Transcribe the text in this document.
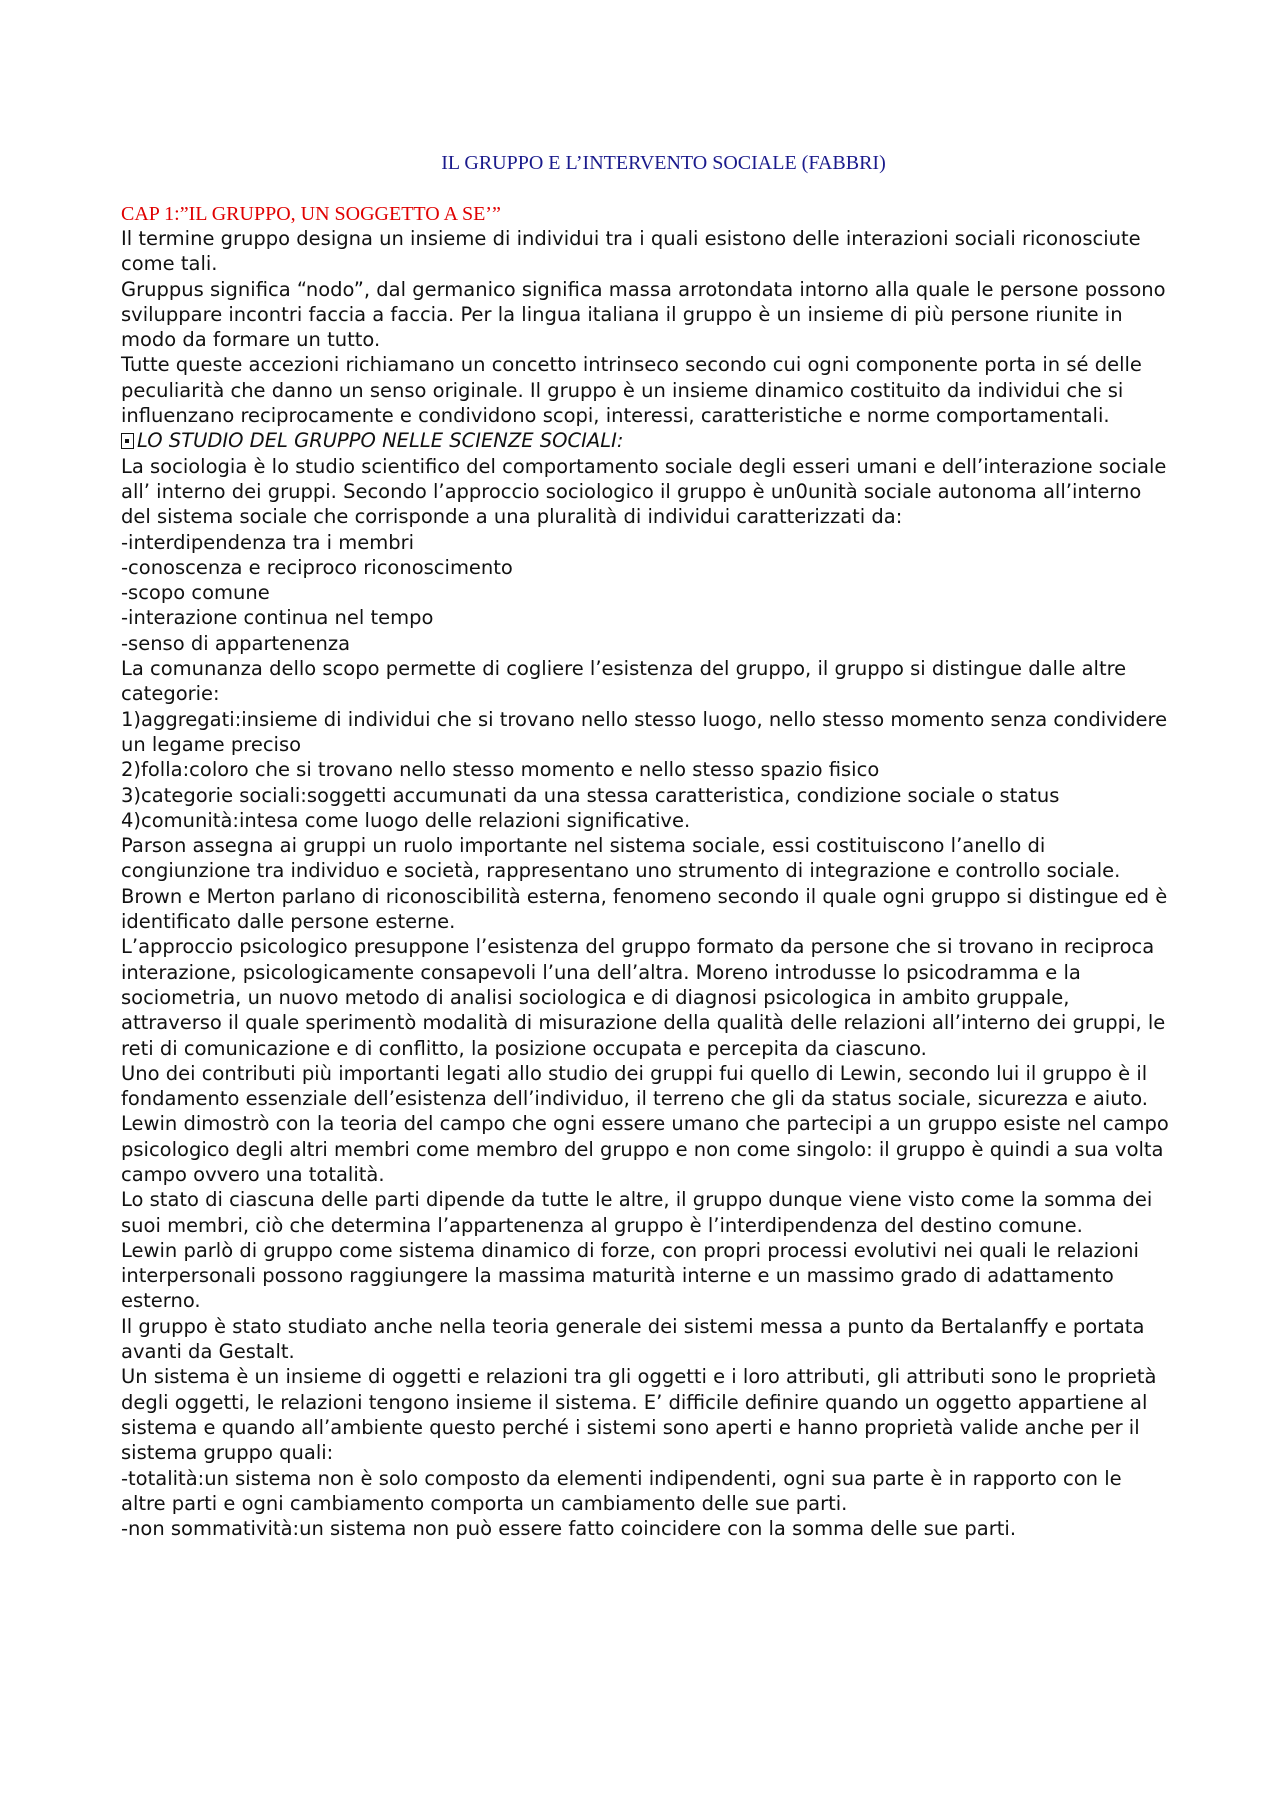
IL GRUPPO E L’INTERVENTO SOCIALE (FABBRI)
CAP 1:”IL GRUPPO, UN SOGGETTO A SE’”

Il termine gruppo designa un insieme di individui tra i quali esistono delle interazioni sociali riconosciute come tali.

Gruppus significa “nodo”, dal germanico significa massa arrotondata intorno alla quale le persone possono sviluppare incontri faccia a faccia. Per la lingua italiana il gruppo è un insieme di più persone riunite in modo da formare un tutto.

Tutte queste accezioni richiamano un concetto intrinseco secondo cui ogni componente porta in sé delle peculiarità che danno un senso originale. Il gruppo è un insieme dinamico costituito da individui che si influenzano reciprocamente e condividono scopi, interessi, caratteristiche e norme comportamentali.

LO STUDIO DEL GRUPPO NELLE SCIENZE SOCIALI:

La sociologia è lo studio scientifico del comportamento sociale degli esseri umani e dell’interazione sociale all’ interno dei gruppi. Secondo l’approccio sociologico il gruppo è un0unità sociale autonoma all’interno del sistema sociale che corrisponde a una pluralità di individui caratterizzati da:

-interdipendenza tra i membri

-conoscenza e reciproco riconoscimento

-scopo comune

-interazione continua nel tempo

-senso di appartenenza

La comunanza dello scopo permette di cogliere l’esistenza del gruppo, il gruppo si distingue dalle altre categorie:

1)aggregati:insieme di individui che si trovano nello stesso luogo, nello stesso momento senza condividere un legame preciso

2)folla:coloro che si trovano nello stesso momento e nello stesso spazio fisico

3)categorie sociali:soggetti accumunati da una stessa caratteristica, condizione sociale o status

4)comunità:intesa come luogo delle relazioni significative.

Parson assegna ai gruppi un ruolo importante nel sistema sociale, essi costituiscono l’anello di congiunzione tra individuo e società, rappresentano uno strumento di integrazione e controllo sociale.

Brown e Merton parlano di riconoscibilità esterna, fenomeno secondo il quale ogni gruppo si distingue ed è identificato dalle persone esterne.

L’approccio psicologico presuppone l’esistenza del gruppo formato da persone che si trovano in reciproca interazione, psicologicamente consapevoli l’una dell’altra. Moreno introdusse lo psicodramma e la sociometria, un nuovo metodo di analisi sociologica e di diagnosi psicologica in ambito gruppale, attraverso il quale sperimentò modalità di misurazione della qualità delle relazioni all’interno dei gruppi, le reti di comunicazione e di conflitto, la posizione occupata e percepita da ciascuno.

Uno dei contributi più importanti legati allo studio dei gruppi fui quello di Lewin, secondo lui il gruppo è il fondamento essenziale dell’esistenza dell’individuo, il terreno che gli da status sociale, sicurezza e aiuto.

Lewin dimostrò con la teoria del campo che ogni essere umano che partecipi a un gruppo esiste nel campo psicologico degli altri membri come membro del gruppo e non come singolo: il gruppo è quindi a sua volta campo ovvero una totalità.

Lo stato di ciascuna delle parti dipende da tutte le altre, il gruppo dunque viene visto come la somma dei suoi membri, ciò che determina l’appartenenza al gruppo è l’interdipendenza del destino comune.

Lewin parlò di gruppo come sistema dinamico di forze, con propri processi evolutivi nei quali le relazioni interpersonali possono raggiungere la massima maturità interne e un massimo grado di adattamento esterno.

Il gruppo è stato studiato anche nella teoria generale dei sistemi messa a punto da Bertalanffy e portata avanti da Gestalt.

Un sistema è un insieme di oggetti e relazioni tra gli oggetti e i loro attributi, gli attributi sono le proprietà degli oggetti, le relazioni tengono insieme il sistema. E’ difficile definire quando un oggetto appartiene al sistema e quando all’ambiente questo perché i sistemi sono aperti e hanno proprietà valide anche per il sistema gruppo quali:

-totalità:un sistema non è solo composto da elementi indipendenti, ogni sua parte è in rapporto con le altre parti e ogni cambiamento comporta un cambiamento delle sue parti.

-non sommatività:un sistema non può essere fatto coincidere con la somma delle sue parti.
